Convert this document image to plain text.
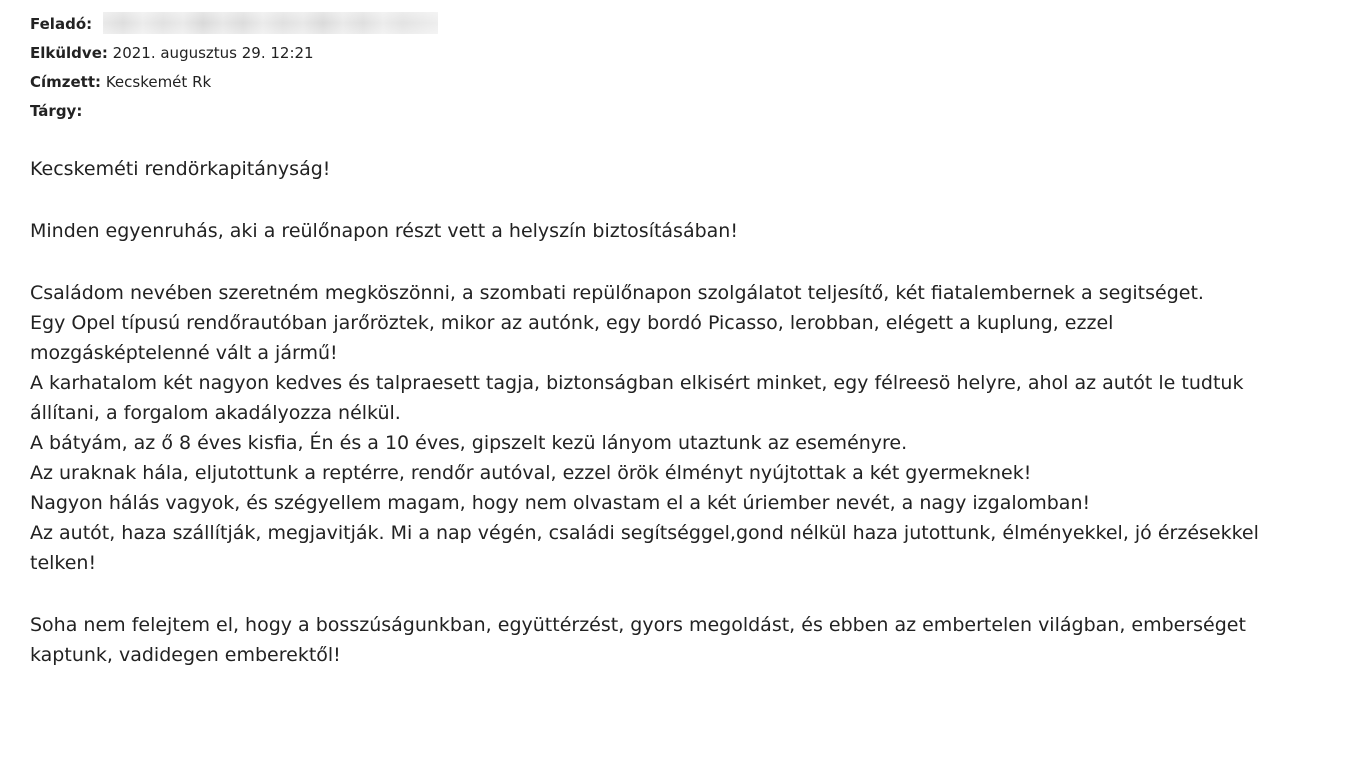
Feladó:
Elküldve: 2021. augusztus 29. 12:21
Címzett: Kecskemét Rk
Tárgy:

Kecskeméti rendörkapitányság!

Minden egyenruhás, aki a reülőnapon részt vett a helyszín biztosításában!

Családom nevében szeretném megköszönni, a szombati repülőnapon szolgálatot teljesítő, két fiatalembernek a segitséget.
Egy Opel típusú rendőrautóban jarőröztek, mikor az autónk, egy bordó Picasso, lerobban, elégett a kuplung, ezzel
mozgásképtelenné vált a jármű!
A karhatalom két nagyon kedves és talpraesett tagja, biztonságban elkisért minket, egy félreesö helyre, ahol az autót le tudtuk
állítani, a forgalom akadályozza nélkül.
A bátyám, az ő 8 éves kisfia, Én és a 10 éves, gipszelt kezü lányom utaztunk az eseményre.
Az uraknak hála, eljutottunk a reptérre, rendőr autóval, ezzel örök élményt nyújtottak a két gyermeknek!
Nagyon hálás vagyok, és szégyellem magam, hogy nem olvastam el a két úriember nevét, a nagy izgalomban!
Az autót, haza szállítják, megjavitják. Mi a nap végén, családi segítséggel,gond nélkül haza jutottunk, élményekkel, jó érzésekkel
telken!
Soha nem felejtem el, hogy a bosszúságunkban, együttérzést, gyors megoldást, és ebben az embertelen világban, emberséget
kaptunk, vadidegen emberektől!
